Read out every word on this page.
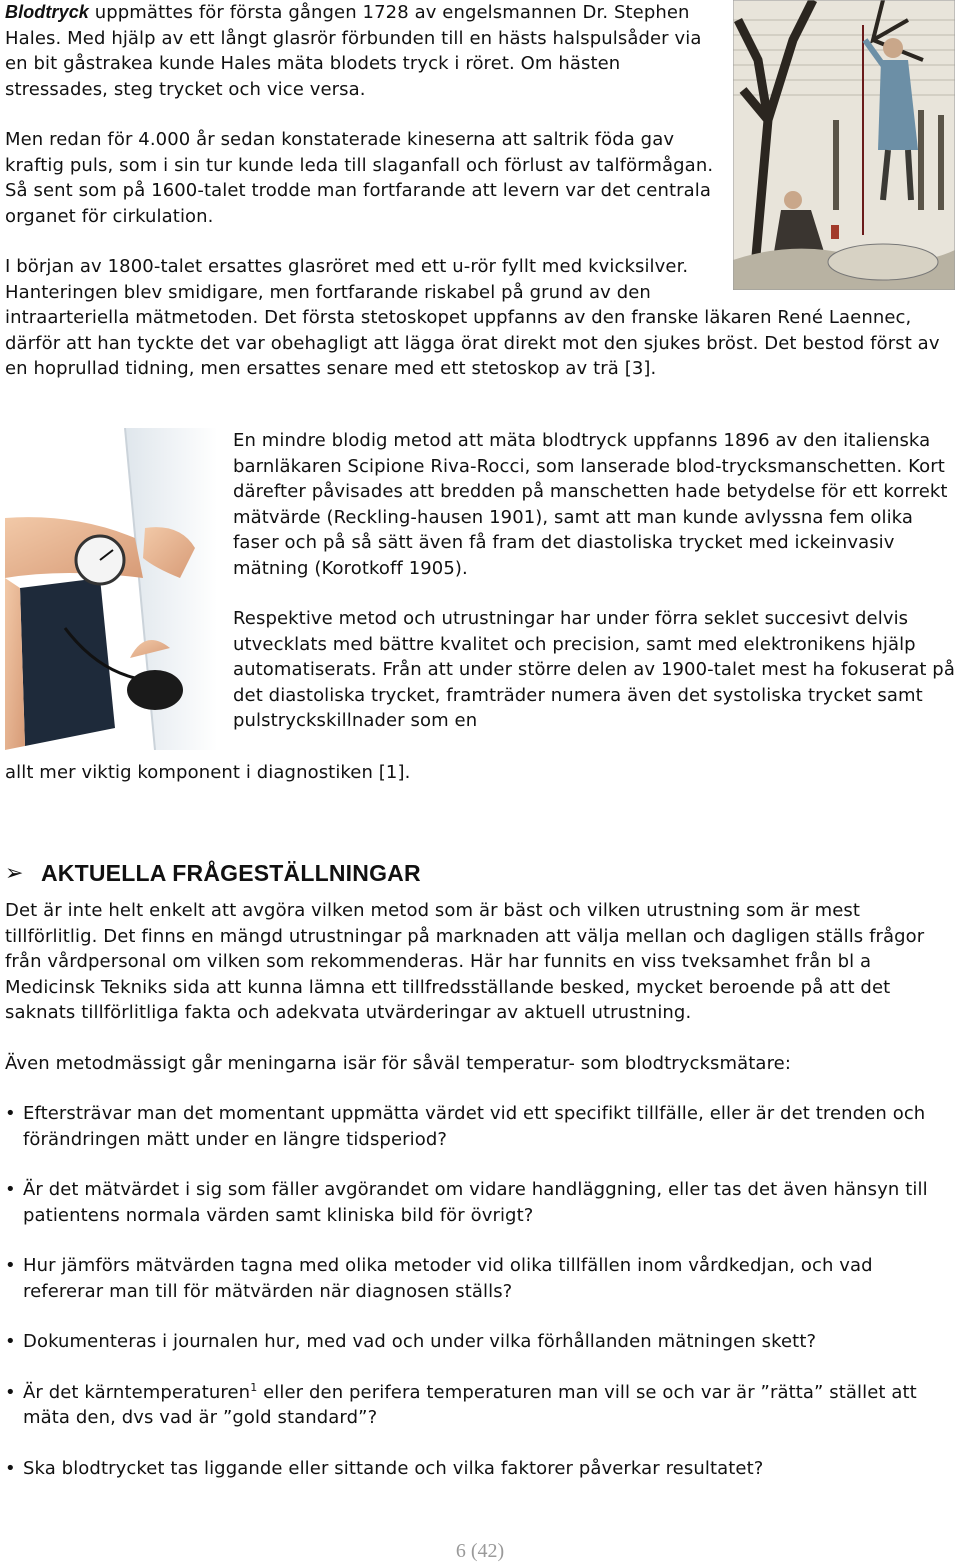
Blodtryck uppmättes för första gången 1728 av engelsmannen Dr. Stephen Hales. Med hjälp av ett långt glasrör förbunden till en hästs halspulsåder via en bit gåstrakea kunde Hales mäta blodets tryck i röret. Om hästen stressades, steg trycket och vice versa.

Men redan för 4.000 år sedan konstaterade kineserna att saltrik föda gav kraftig puls, som i sin tur kunde leda till slaganfall och förlust av talförmågan. Så sent som på 1600-talet trodde man fortfarande att levern var det centrala organet för cirkulation.

I början av 1800-talet ersattes glasröret med ett u-rör fyllt med kvicksilver. Hanteringen blev smidigare, men fortfarande riskabel på grund av den intraarteriella mätmetoden. Det första stetoskopet uppfanns av den franske läkaren René Laennec, därför att han tyckte det var obehagligt att lägga örat direkt mot den sjukes bröst. Det bestod först av en hoprullad tidning, men ersattes senare med ett stetoskop av trä [3].

En mindre blodig metod att mäta blodtryck uppfanns 1896 av den italienska barnläkaren Scipione Riva-Rocci, som lanserade blod-trycksmanschetten. Kort därefter påvisades att bredden på manschetten hade betydelse för ett korrekt mätvärde (Reckling-hausen 1901), samt att man kunde avlyssna fem olika faser och på så sätt även få fram det diastoliska trycket med ickeinvasiv mätning (Korotkoff 1905).

Respektive metod och utrustningar har under förra seklet succesivt delvis utvecklats med bättre kvalitet och precision, samt med elektronikens hjälp automatiserats. Från att under större delen av 1900-talet mest ha fokuserat på det diastoliska trycket, framträder numera även det systoliska trycket samt pulstryckskillnader som en

allt mer viktig komponent i diagnostiken [1].

➢ AKTUELLA FRÅGESTÄLLNINGAR

Det är inte helt enkelt att avgöra vilken metod som är bäst och vilken utrustning som är mest tillförlitlig. Det finns en mängd utrustningar på marknaden att välja mellan och dagligen ställs frågor från vårdpersonal om vilken som rekommenderas. Här har funnits en viss tveksamhet från bl a Medicinsk Tekniks sida att kunna lämna ett tillfredsställande besked, mycket beroende på att det saknats tillförlitliga fakta och adekvata utvärderingar av aktuell utrustning.

Även metodmässigt går meningarna isär för såväl temperatur- som blodtrycksmätare:

• Eftersträvar man det momentant uppmätta värdet vid ett specifikt tillfälle, eller är det trenden och förändringen mätt under en längre tidsperiod?
• Är det mätvärdet i sig som fäller avgörandet om vidare handläggning, eller tas det även hänsyn till patientens normala värden samt kliniska bild för övrigt?
• Hur jämförs mätvärden tagna med olika metoder vid olika tillfällen inom vårdkedjan, och vad refererar man till för mätvärden när diagnosen ställs?
• Dokumenteras i journalen hur, med vad och under vilka förhållanden mätningen skett?
• Är det kärntemperaturen$^1$ eller den perifera temperaturen man vill se och var är ”rätta” stället att mäta den, dvs vad är ”gold standard”?
• Ska blodtrycket tas liggande eller sittande och vilka faktorer påverkar resultatet?
6 (42)
